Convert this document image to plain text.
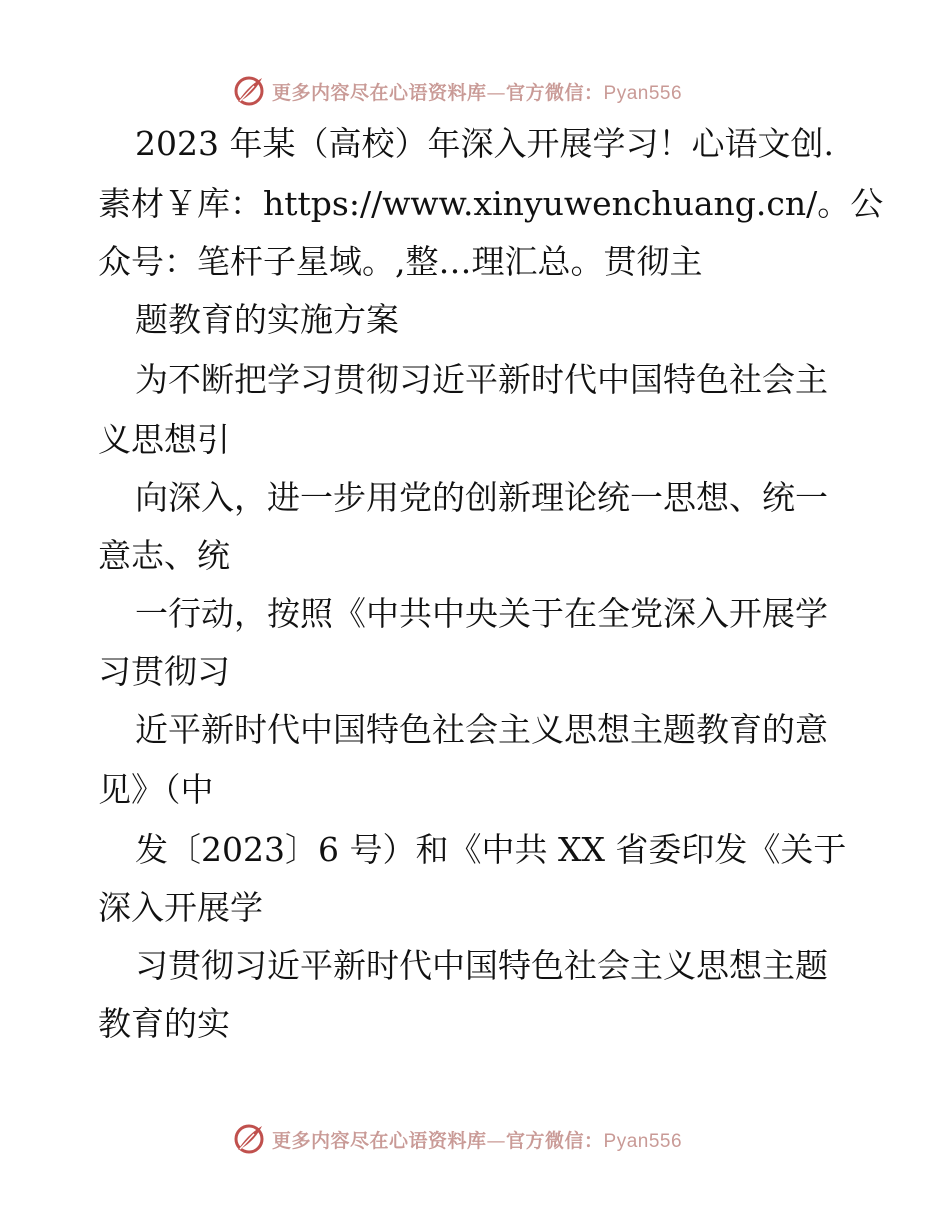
更多内容尽在心语资料库—官方微信：Pyan556
2023 年某（高校）年深入开展学习！心语文创.
素材￥库：https://www.xinyuwenchuang.cn/。公
众号：笔杆子星域。,整…理汇总。贯彻主
题教育的实施方案
为不断把学习贯彻习近平新时代中国特色社会主
义思想引
向深入，进一步用党的创新理论统一思想、统一
意志、统
一行动，按照《中共中央关于在全党深入开展学
习贯彻习
近平新时代中国特色社会主义思想主题教育的意
见》（中
发〔2023〕6 号）和《中共 XX 省委印发《关于
深入开展学
习贯彻习近平新时代中国特色社会主义思想主题
教育的实
更多内容尽在心语资料库—官方微信：Pyan556
